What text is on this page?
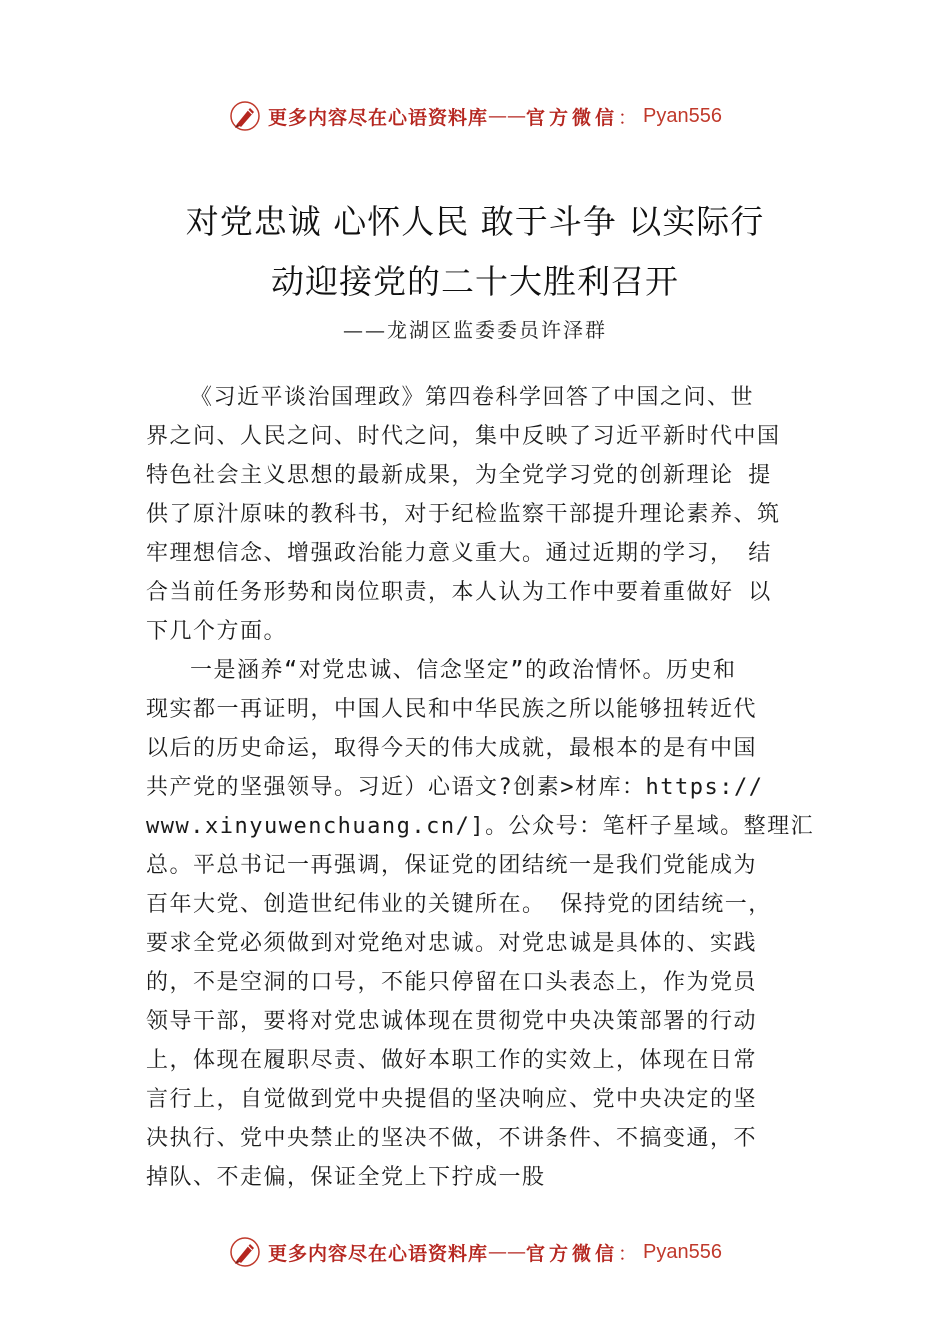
更多内容尽在心语资料库 —— 官方微信 ： Pyan556
对党忠诚 心怀人民 敢于斗争 以实际行
动迎接党的二十大胜利召开
——龙湖区监委委员许泽群
《习近平谈治国理政》第四卷科学回答了中国之问、世
界之问、人民之问、时代之问，集中反映了习近平新时代中国
特色社会主义思想的最新成果，为全党学习党的创新理论 提
供了原汁原味的教科书，对于纪检监察干部提升理论素养、筑
牢理想信念、增强政治能力意义重大。通过近期的学习， 结
合当前任务形势和岗位职责，本人认为工作中要着重做好 以
下几个方面。
一是涵养“对党忠诚、信念坚定”的政治情怀。历史和
现实都一再证明，中国人民和中华民族之所以能够扭转近代
以后的历史命运，取得今天的伟大成就，最根本的是有中国
共产党的坚强领导。习近）心语文?创素>材库：https://
www.xinyuwenchuang.cn/]。公众号：笔杆子星域。整理汇
总。平总书记一再强调，保证党的团结统一是我们党能成为
百年大党、创造世纪伟业的关键所在。 保持党的团结统一，
要求全党必须做到对党绝对忠诚。对党忠诚是具体的、实践
的，不是空洞的口号，不能只停留在口头表态上，作为党员
领导干部，要将对党忠诚体现在贯彻党中央决策部署的行动
上，体现在履职尽责、做好本职工作的实效上，体现在日常
言行上，自觉做到党中央提倡的坚决响应、党中央决定的坚
决执行、党中央禁止的坚决不做，不讲条件、不搞变通，不
掉队、不走偏，保证全党上下拧成一股
更多内容尽在心语资料库 —— 官方微信 ： Pyan556
